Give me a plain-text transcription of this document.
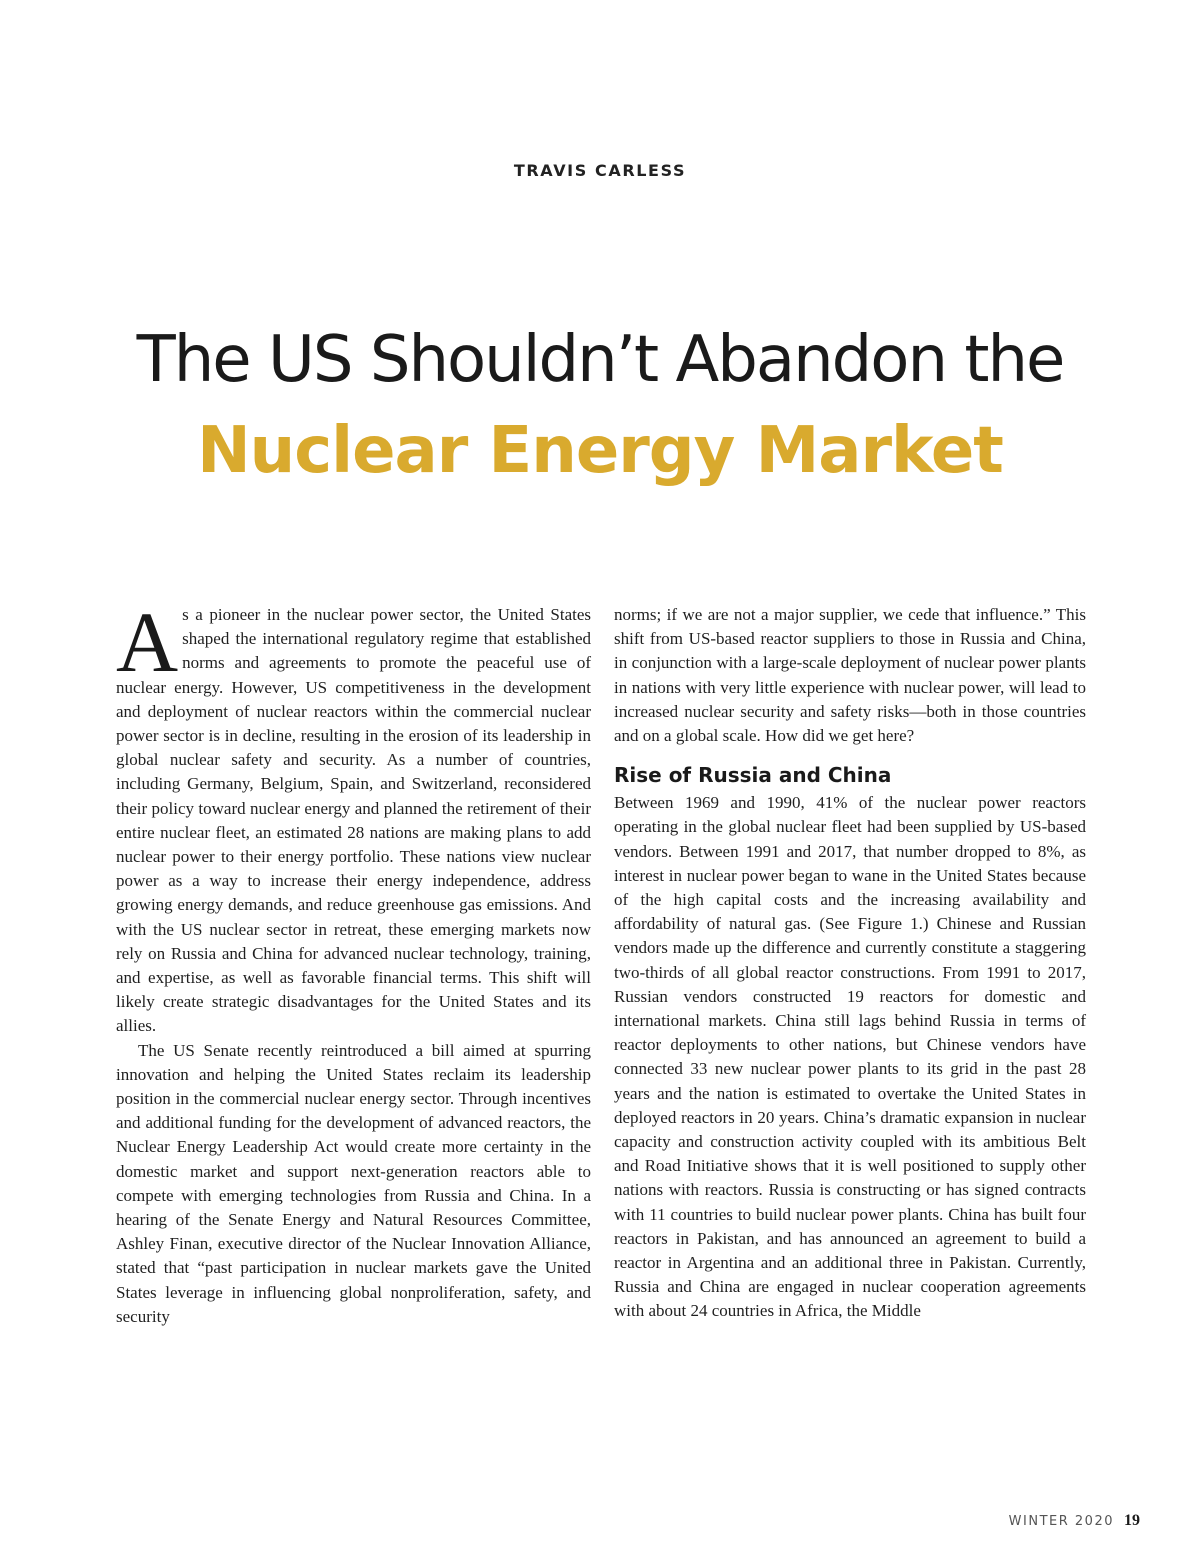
TRAVIS CARLESS
The US Shouldn’t Abandon the
Nuclear Energy Market

As a pioneer in the nuclear power sector, the United States shaped the international regulatory regime that established norms and agreements to promote the peaceful use of nuclear energy. However, US competitiveness in the development and deployment of nuclear reactors within the commercial nuclear power sector is in decline, resulting in the erosion of its leadership in global nuclear safety and security. As a number of countries, including Germany, Belgium, Spain, and Switzerland, reconsidered their policy toward nuclear energy and planned the retirement of their entire nuclear fleet, an estimated 28 nations are making plans to add nuclear power to their energy portfolio. These nations view nuclear power as a way to increase their energy independence, address growing energy demands, and reduce greenhouse gas emissions. And with the US nuclear sector in retreat, these emerging markets now rely on Russia and China for advanced nuclear technology, training, and expertise, as well as favorable financial terms. This shift will likely create strategic disadvantages for the United States and its allies.

The US Senate recently reintroduced a bill aimed at spurring innovation and helping the United States reclaim its leadership position in the commercial nuclear energy sector. Through incentives and additional funding for the development of advanced reactors, the Nuclear Energy Leadership Act would create more certainty in the domestic market and support next-generation reactors able to compete with emerging technologies from Russia and China. In a hearing of the Senate Energy and Natural Resources Committee, Ashley Finan, executive director of the Nuclear Innovation Alliance, stated that “past participation in nuclear markets gave the United States leverage in influencing global nonproliferation, safety, and security

norms; if we are not a major supplier, we cede that influence.” This shift from US-based reactor suppliers to those in Russia and China, in conjunction with a large-scale deployment of nuclear power plants in nations with very little experience with nuclear power, will lead to increased nuclear security and safety risks—both in those countries and on a global scale. How did we get here?

Rise of Russia and China

Between 1969 and 1990, 41% of the nuclear power reactors operating in the global nuclear fleet had been supplied by US-based vendors. Between 1991 and 2017, that number dropped to 8%, as interest in nuclear power began to wane in the United States because of the high capital costs and the increasing availability and affordability of natural gas. (See Figure 1.) Chinese and Russian vendors made up the difference and currently constitute a staggering two-thirds of all global reactor constructions. From 1991 to 2017, Russian vendors constructed 19 reactors for domestic and international markets. China still lags behind Russia in terms of reactor deployments to other nations, but Chinese vendors have connected 33 new nuclear power plants to its grid in the past 28 years and the nation is estimated to overtake the United States in deployed reactors in 20 years. China’s dramatic expansion in nuclear capacity and construction activity coupled with its ambitious Belt and Road Initiative shows that it is well positioned to supply other nations with reactors. Russia is constructing or has signed contracts with 11 countries to build nuclear power plants. China has built four reactors in Pakistan, and has announced an agreement to build a reactor in Argentina and an additional three in Pakistan. Currently, Russia and China are engaged in nuclear cooperation agreements with about 24 countries in Africa, the Middle

WINTER 2020 19
